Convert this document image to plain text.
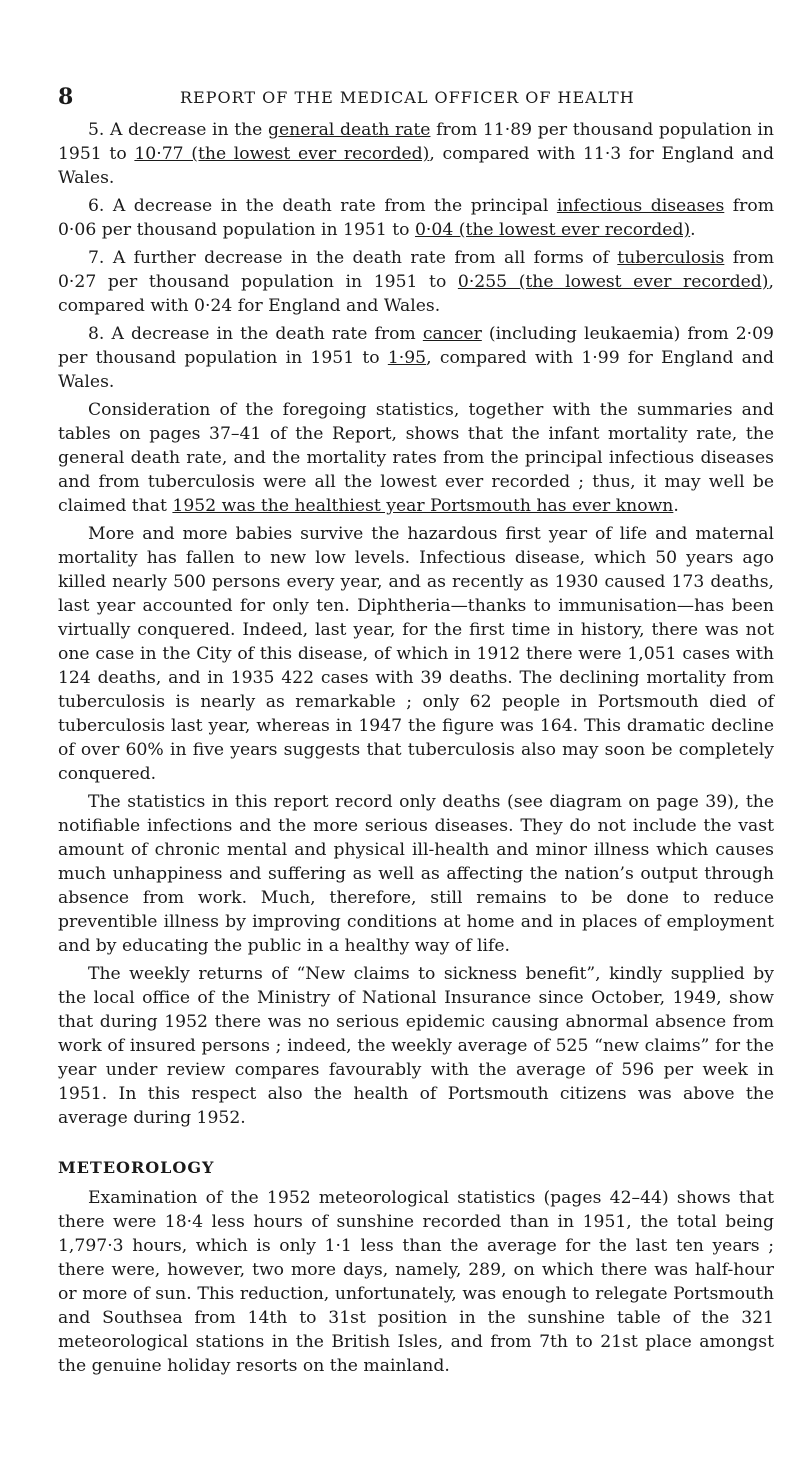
8	REPORT OF THE MEDICAL OFFICER OF HEALTH

5. A decrease in the general death rate from 11·89 per thousand population in 1951 to 10·77 (the lowest ever recorded), compared with 11·3 for England and Wales.

6. A decrease in the death rate from the principal infectious diseases from 0·06 per thousand population in 1951 to 0·04 (the lowest ever recorded).

7. A further decrease in the death rate from all forms of tuberculosis from 0·27 per thousand population in 1951 to 0·255 (the lowest ever recorded), compared with 0·24 for England and Wales.

8. A decrease in the death rate from cancer (including leukaemia) from 2·09 per thousand population in 1951 to 1·95, compared with 1·99 for England and Wales.

Consideration of the foregoing statistics, together with the summaries and tables on pages 37–41 of the Report, shows that the infant mortality rate, the general death rate, and the mortality rates from the principal infectious diseases and from tuberculosis were all the lowest ever recorded ; thus, it may well be claimed that 1952 was the healthiest year Portsmouth has ever known.

More and more babies survive the hazardous first year of life and maternal mortality has fallen to new low levels. Infectious disease, which 50 years ago killed nearly 500 persons every year, and as recently as 1930 caused 173 deaths, last year accounted for only ten. Diphtheria—thanks to immunisation—has been virtually conquered. Indeed, last year, for the first time in history, there was not one case in the City of this disease, of which in 1912 there were 1,051 cases with 124 deaths, and in 1935 422 cases with 39 deaths. The declining mortality from tuberculosis is nearly as remarkable ; only 62 people in Portsmouth died of tuberculosis last year, whereas in 1947 the figure was 164. This dramatic decline of over 60% in five years suggests that tuberculosis also may soon be completely conquered.

The statistics in this report record only deaths (see diagram on page 39), the notifiable infections and the more serious diseases. They do not include the vast amount of chronic mental and physical ill-health and minor illness which causes much unhappiness and suffering as well as affecting the nation’s output through absence from work. Much, therefore, still remains to be done to reduce preventible illness by improving conditions at home and in places of employment and by educating the public in a healthy way of life.

The weekly returns of “New claims to sickness benefit”, kindly supplied by the local office of the Ministry of National Insurance since October, 1949, show that during 1952 there was no serious epidemic causing abnormal absence from work of insured persons ; indeed, the weekly average of 525 “new claims” for the year under review compares favourably with the average of 596 per week in 1951. In this respect also the health of Portsmouth citizens was above the average during 1952.

METEOROLOGY

Examination of the 1952 meteorological statistics (pages 42–44) shows that there were 18·4 less hours of sunshine recorded than in 1951, the total being 1,797·3 hours, which is only 1·1 less than the average for the last ten years ; there were, however, two more days, namely, 289, on which there was half-hour or more of sun. This reduction, unfortunately, was enough to relegate Portsmouth and Southsea from 14th to 31st position in the sunshine table of the 321 meteorological stations in the British Isles, and from 7th to 21st place amongst the genuine holiday resorts on the mainland.
